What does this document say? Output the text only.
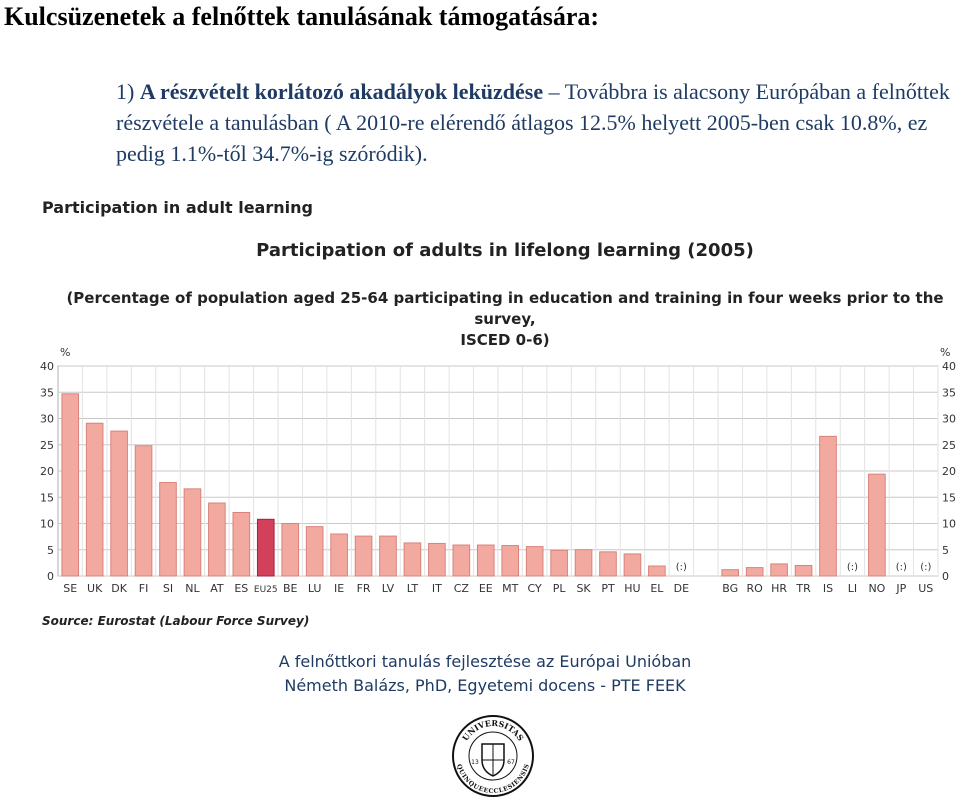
Kulcsüzenetek a felnőttek tanulásának támogatására:

1) A részvételt korlátozó akadályok leküzdése – Továbbra is alacsony Európában a felnőttek részvétele a tanulásban ( A 2010-re elérendő átlagos 12.5% helyett 2005-ben csak 10.8%, ez pedig 1.1%-től 34.7%-ig szóródik).

Participation in adult learning
Participation of adults in lifelong learning (2005)
(Percentage of population aged 25-64 participating in education and training in four weeks prior to the survey,
ISCED 0-6)
0	0
5	5
10	10
15	15
20	20
25	25
30	30
35	35
40	40
%	%
SE UK DK FI SI NL AT ES EU25 BE LU IE FR LV LT IT CZ EE MT CY PL SK PT HU EL
(:)
DE	BG RO HR TR IS
(:)
LI NO
(:)
JP
(:)
US
Source: Eurostat (Labour Force Survey)
A felnőttkori tanulás fejlesztése az Európai Unióban
Németh Balázs, PhD, Egyetemi docens - PTE FEEK
UNIVERSITAS
QUINQUEECCLESIENSIS
13	67
